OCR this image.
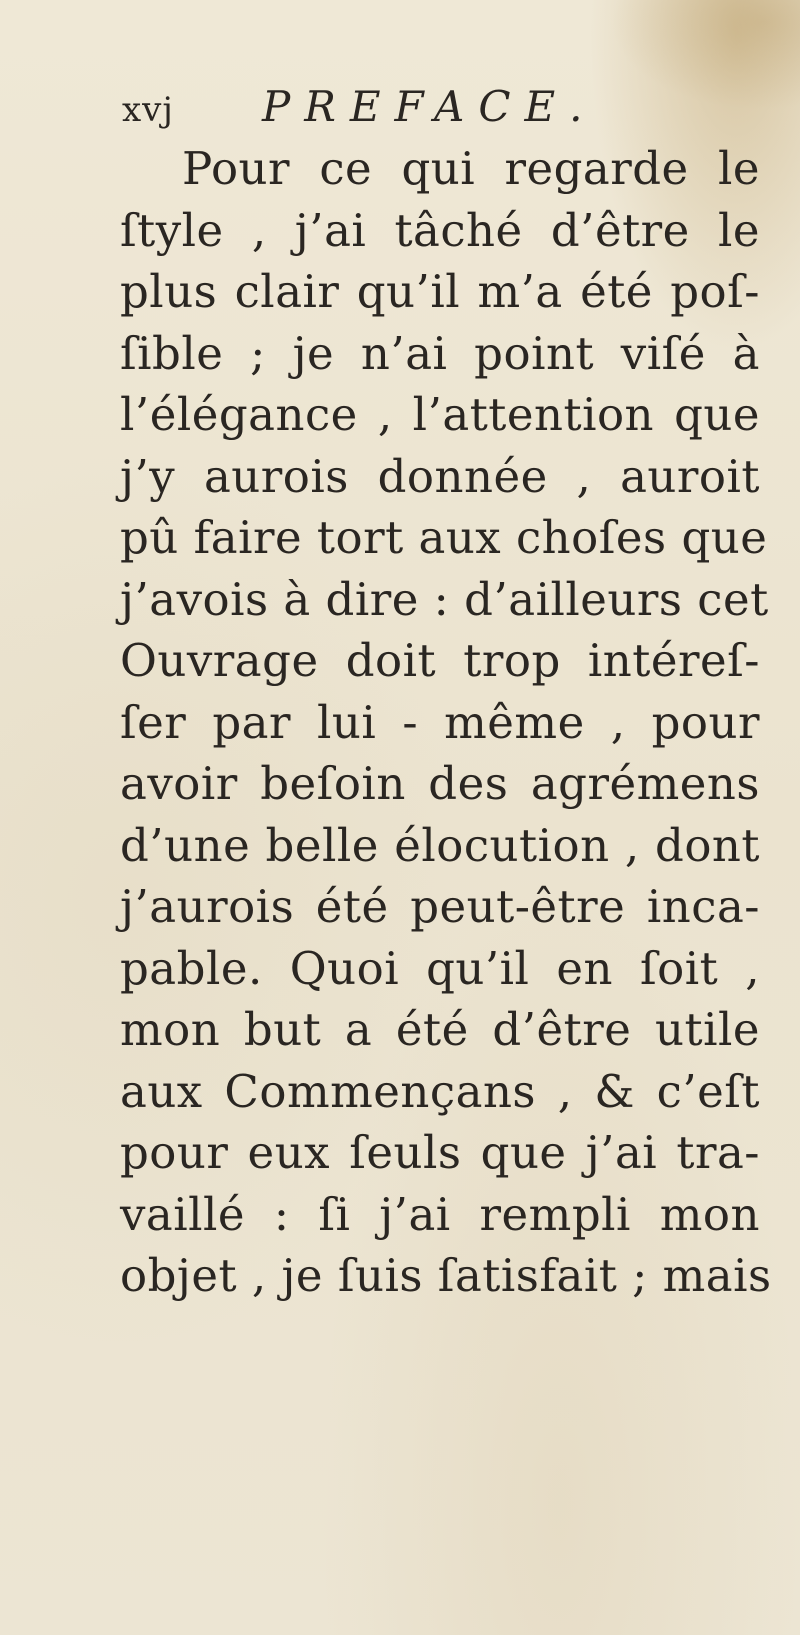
xvj PREFACE.
Pour ce qui regarde le
ſtyle , j’ai tâché d’être le
plus clair qu’il m’a été poſ-
ſible ; je n’ai point viſé à
l’élégance , l’attention que
j’y aurois donnée , auroit
pû faire tort aux choſes que
j’avois à dire : d’ailleurs cet
Ouvrage doit trop intéreſ-
ſer par lui - même , pour
avoir beſoin des agrémens
d’une belle élocution , dont
j’aurois été peut-être inca-
pable. Quoi qu’il en ſoit ,
mon but a été d’être utile
aux Commençans , & c’eſt
pour eux ſeuls que j’ai tra-
vaillé : ſi j’ai rempli mon
objet , je ſuis ſatisfait ; mais
